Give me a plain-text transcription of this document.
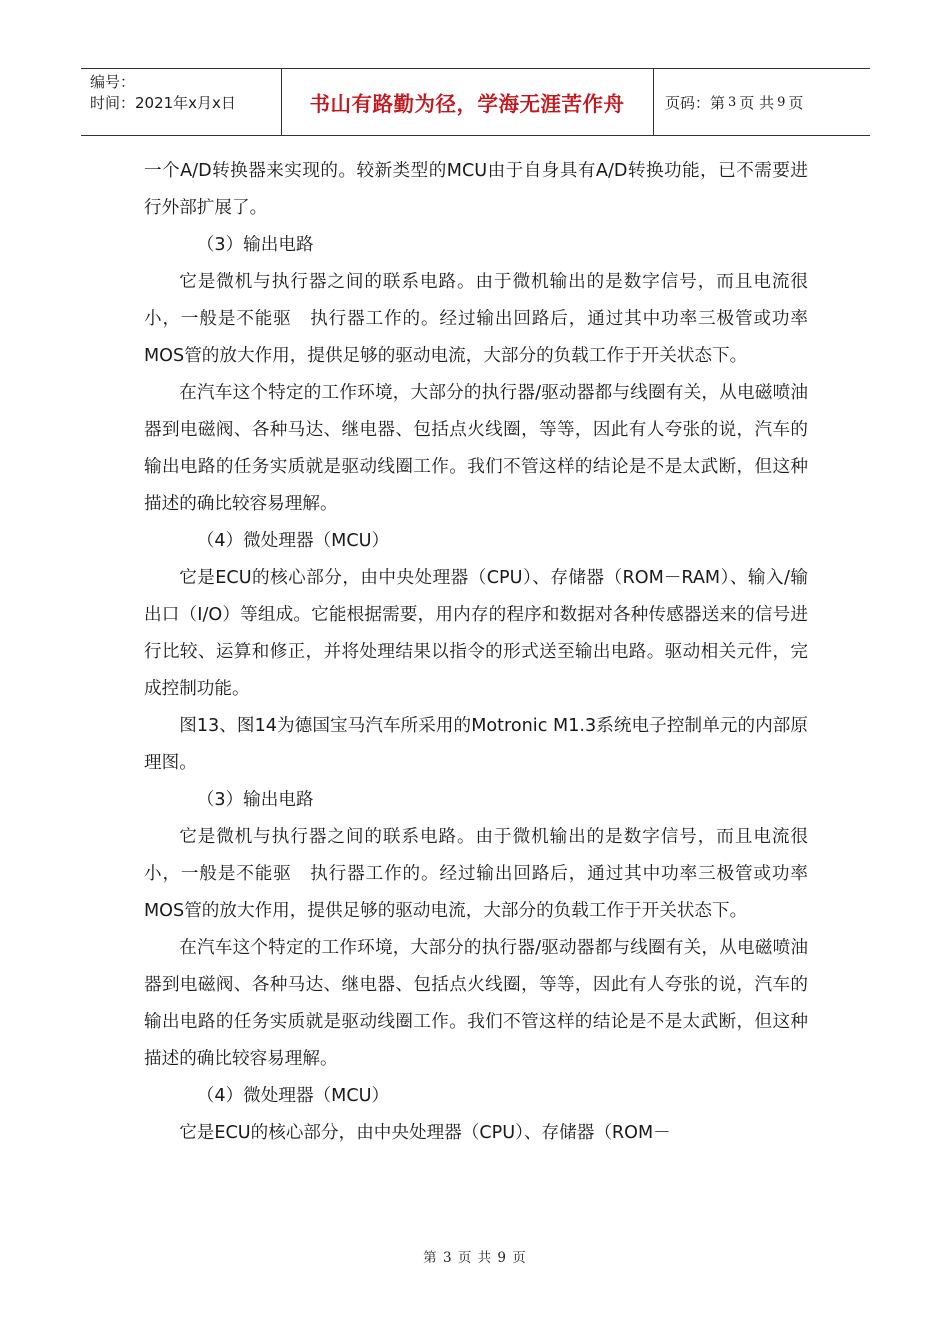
编号：
时间：2021年x月x日	书山有路勤为径，学海无涯苦作舟	页码：第 3 页 共 9 页

一个A/D转换器来实现的。较新类型的MCU由于自身具有A/D转换功能，已不需要进行外部扩展了。

（3）输出电路

它是微机与执行器之间的联系电路。由于微机输出的是数字信号，而且电流很小，一般是不能驱　执行器工作的。经过输出回路后，通过其中功率三极管或功率MOS管的放大作用，提供足够的驱动电流，大部分的负载工作于开关状态下。

在汽车这个特定的工作环境，大部分的执行器/驱动器都与线圈有关，从电磁喷油器到电磁阀、各种马达、继电器、包括点火线圈，等等，因此有人夸张的说，汽车的输出电路的任务实质就是驱动线圈工作。我们不管这样的结论是不是太武断，但这种描述的确比较容易理解。

（4）微处理器（MCU）

它是ECU的核心部分，由中央处理器（CPU）、存储器（ROM－RAM）、输入/输出口（I/O）等组成。它能根据需要，用内存的程序和数据对各种传感器送来的信号进行比较、运算和修正，并将处理结果以指令的形式送至输出电路。驱动相关元件，完成控制功能。

图13、图14为德国宝马汽车所采用的Motronic M1.3系统电子控制单元的内部原理图。

（3）输出电路

它是微机与执行器之间的联系电路。由于微机输出的是数字信号，而且电流很小，一般是不能驱　执行器工作的。经过输出回路后，通过其中功率三极管或功率MOS管的放大作用，提供足够的驱动电流，大部分的负载工作于开关状态下。

在汽车这个特定的工作环境，大部分的执行器/驱动器都与线圈有关，从电磁喷油器到电磁阀、各种马达、继电器、包括点火线圈，等等，因此有人夸张的说，汽车的输出电路的任务实质就是驱动线圈工作。我们不管这样的结论是不是太武断，但这种描述的确比较容易理解。

（4）微处理器（MCU）

它是ECU的核心部分，由中央处理器（CPU）、存储器（ROM－

第 3 页 共 9 页
